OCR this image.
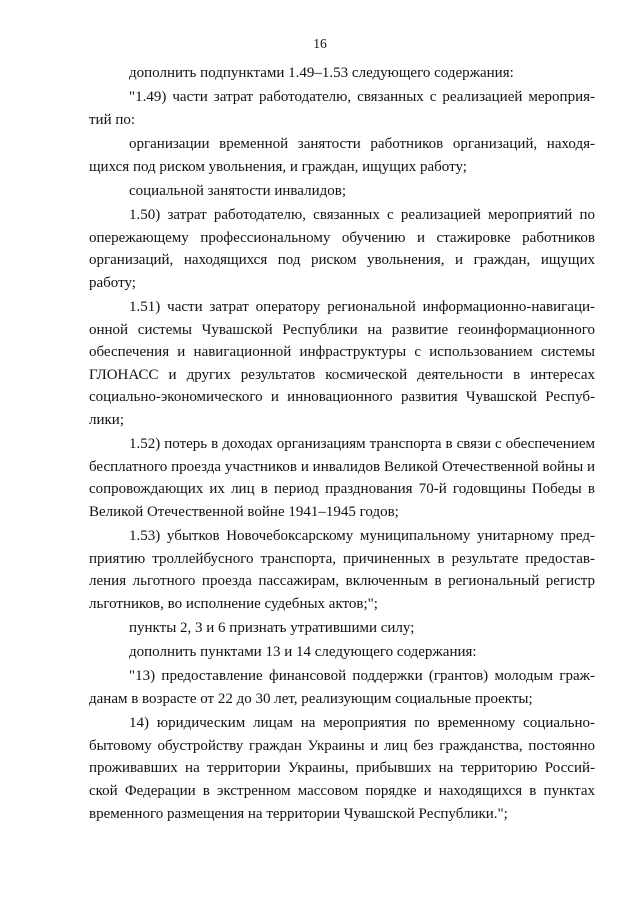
16

дополнить подпунктами 1.49–1.53 следующего содержания:

"1.49) части затрат работодателю, связанных с реализацией мероприя-тий по:

организации временной занятости работников организаций, находя-щихся под риском увольнения, и граждан, ищущих работу;

социальной занятости инвалидов;

1.50) затрат работодателю, связанных с реализацией мероприятий по опережающему профессиональному обучению и стажировке работников организаций, находящихся под риском увольнения, и граждан, ищущих работу;

1.51) части затрат оператору региональной информационно-навигаци-онной системы Чувашской Республики на развитие геоинформационного обеспечения и навигационной инфраструктуры с использованием системы ГЛОНАСС и других результатов космической деятельности в интересах социально-экономического и инновационного развития Чувашской Респуб-лики;

1.52) потерь в доходах организациям транспорта в связи с обеспечением бесплатного проезда участников и инвалидов Великой Отечественной войны и сопровождающих их лиц в период празднования 70-й годовщины Победы в Великой Отечественной войне 1941–1945 годов;

1.53) убытков Новочебоксарскому муниципальному унитарному пред-приятию троллейбусного транспорта, причиненных в результате предостав-ления льготного проезда пассажирам, включенным в региональный регистр льготников, во исполнение судебных актов;";

пункты 2, 3 и 6 признать утратившими силу;

дополнить пунктами 13 и 14 следующего содержания:

"13) предоставление финансовой поддержки (грантов) молодым граж-данам в возрасте от 22 до 30 лет, реализующим социальные проекты;

14) юридическим лицам на мероприятия по временному социально-бытовому обустройству граждан Украины и лиц без гражданства, постоянно проживавших на территории Украины, прибывших на территорию Россий-ской Федерации в экстренном массовом порядке и находящихся в пунктах временного размещения на территории Чувашской Республики.";
